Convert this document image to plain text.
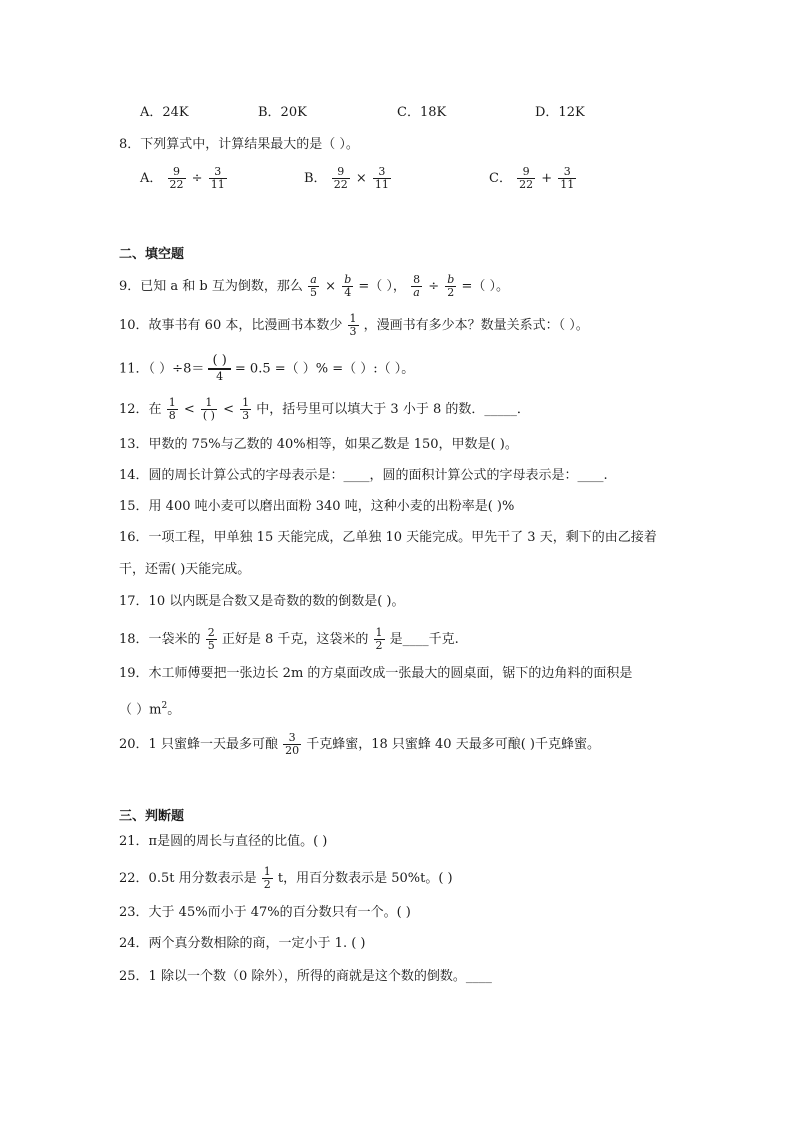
A．24K	B．20K	C．18K	D．12K
8．下列算式中，计算结果最大的是（ ）。
A． $\frac{9}{22} \div \frac{3}{11}$	B． $\frac{9}{22} \times \frac{3}{11}$	C． $\frac{9}{22} + \frac{3}{11}$
二、填空题
9．已知 a 和 b 互为倒数，那么 $\frac{a}{5} \times \frac{b}{4}$ =（ ）， $\frac{8}{a} \div \frac{b}{2}$ =（ ）。
10．故事书有 60 本，比漫画书本数少 $\frac{1}{3}$ ，漫画书有多少本？数量关系式：（ ）。
11．（ ）$\div 8= \frac{( )}{4} = 0.5$ =（ ）% =（ ）:（ ）。
12．在 $\frac{1}{8} < \frac{1}{( )} < \frac{1}{3}$ 中，括号里可以填大于 3 小于 8 的数．_____．
13．甲数的 75%与乙数的 40%相等，如果乙数是 150，甲数是( )。
14．圆的周长计算公式的字母表示是：____，圆的面积计算公式的字母表示是：____.
15．用 400 吨小麦可以磨出面粉 340 吨，这种小麦的出粉率是( )%
16．一项工程，甲单独 15 天能完成，乙单独 10 天能完成。甲先干了 3 天，剩下的由乙接着
干，还需( )天能完成。
17．10 以内既是合数又是奇数的数的倒数是( )。
18．一袋米的 $\frac{2}{5}$ 正好是 8 千克，这袋米的 $\frac{1}{2}$ 是____千克.
19．木工师傅要把一张边长 2m 的方桌面改成一张最大的圆桌面，锯下的边角料的面积是
（ ）$m^2$。
20．1 只蜜蜂一天最多可酿 $\frac{3}{20}$ 千克蜂蜜，18 只蜜蜂 40 天最多可酿( )千克蜂蜜。
三、判断题
21．π是圆的周长与直径的比值。( )
22．0.5t 用分数表示是 $\frac{1}{2}$ t，用百分数表示是 50%t。( )
23．大于 45%而小于 47%的百分数只有一个。( )
24．两个真分数相除的商，一定小于 1. ( )
25．1 除以一个数（0 除外），所得的商就是这个数的倒数。____
